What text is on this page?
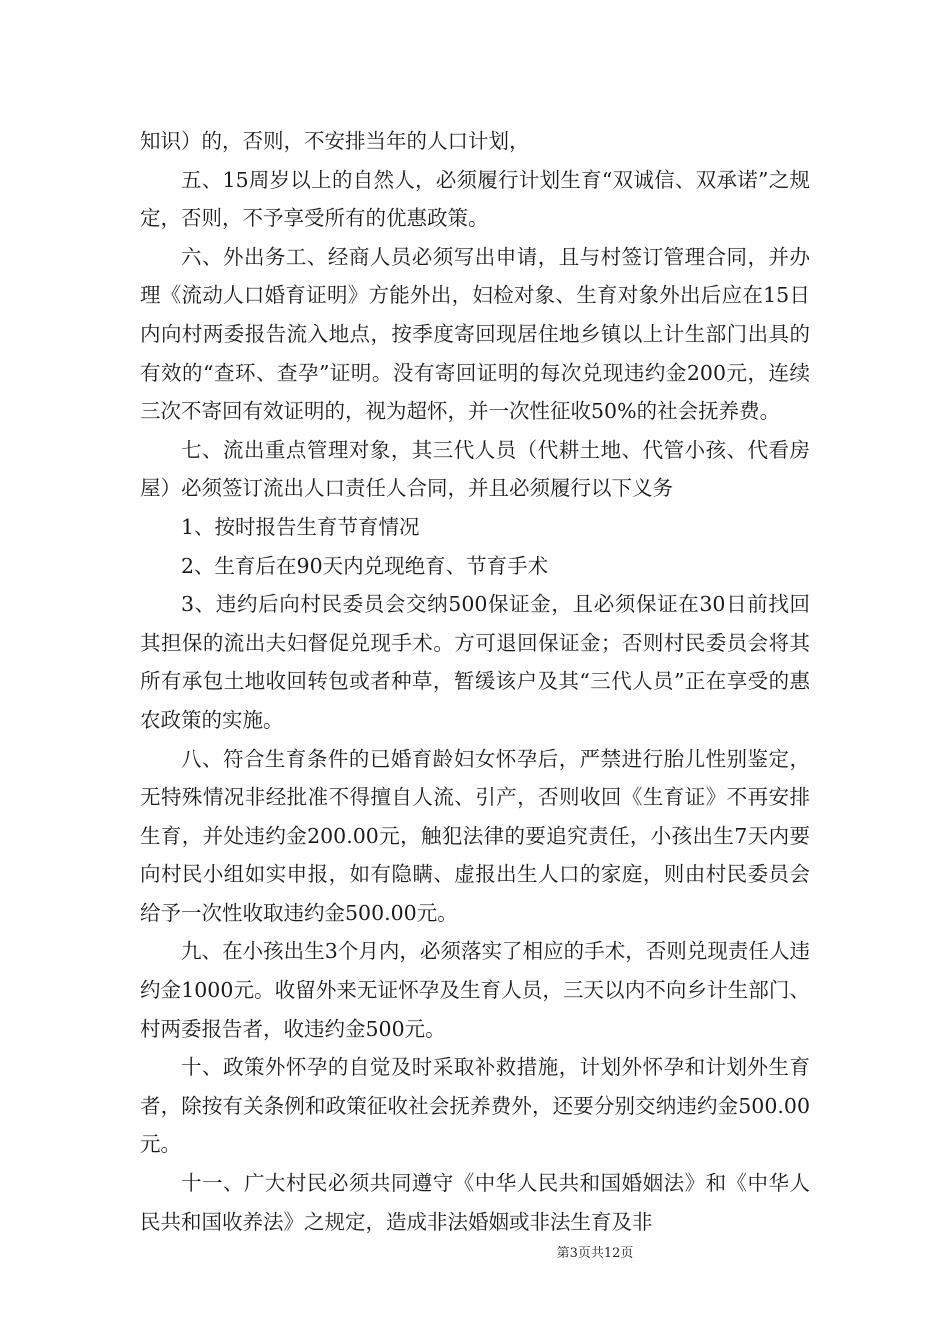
知识）的，否则，不安排当年的人口计划，

五、15周岁以上的自然人，必须履行计划生育“双诚信、双承诺”之规定，否则，不予享受所有的优惠政策。

六、外出务工、经商人员必须写出申请，且与村签订管理合同，并办理《流动人口婚育证明》方能外出，妇检对象、生育对象外出后应在15日内向村两委报告流入地点，按季度寄回现居住地乡镇以上计生部门出具的有效的“查环、查孕”证明。没有寄回证明的每次兑现违约金200元，连续三次不寄回有效证明的，视为超怀，并一次性征收50%的社会抚养费。

七、流出重点管理对象，其三代人员（代耕土地、代管小孩、代看房屋）必须签订流出人口责任人合同，并且必须履行以下义务

1、按时报告生育节育情况

2、生育后在90天内兑现绝育、节育手术

3、违约后向村民委员会交纳500保证金，且必须保证在30日前找回其担保的流出夫妇督促兑现手术。方可退回保证金；否则村民委员会将其所有承包土地收回转包或者种草，暂缓该户及其“三代人员”正在享受的惠农政策的实施。

八、符合生育条件的已婚育龄妇女怀孕后，严禁进行胎儿性别鉴定，无特殊情况非经批准不得擅自人流、引产，否则收回《生育证》不再安排生育，并处违约金200.00元，触犯法律的要追究责任，小孩出生7天内要向村民小组如实申报，如有隐瞒、虚报出生人口的家庭，则由村民委员会给予一次性收取违约金500.00元。

九、在小孩出生3个月内，必须落实了相应的手术，否则兑现责任人违约金1000元。收留外来无证怀孕及生育人员，三天以内不向乡计生部门、村两委报告者，收违约金500元。

十、政策外怀孕的自觉及时采取补救措施，计划外怀孕和计划外生育者，除按有关条例和政策征收社会抚养费外，还要分别交纳违约金500.00元。

十一、广大村民必须共同遵守《中华人民共和国婚姻法》和《中华人民共和国收养法》之规定，造成非法婚姻或非法生育及非

第3页共12页
